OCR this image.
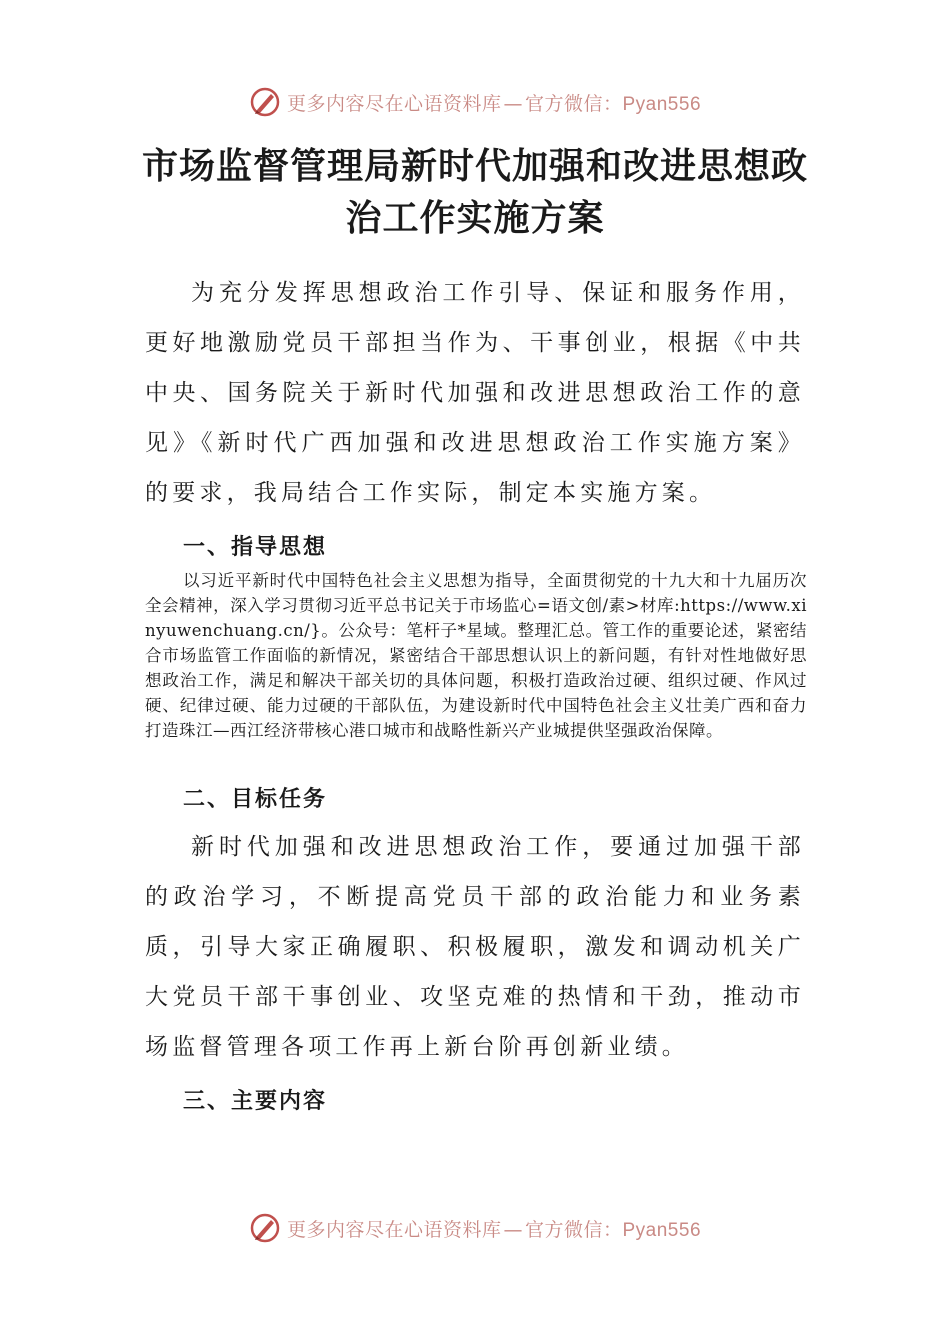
更多内容尽在心语资料库 — 官方微信：Pyan556
市场监督管理局新时代加强和改进思想政
治工作实施方案

为充分发挥思想政治工作引导、保证和服务作用，更好地激励党员干部担当作为、干事创业，根据《中共中央、国务院关于新时代加强和改进思想政治工作的意见》《新时代广西加强和改进思想政治工作实施方案》的要求，我局结合工作实际，制定本实施方案。

一、指导思想

以习近平新时代中国特色社会主义思想为指导，全面贯彻党的十九大和十九届历次全会精神，深入学习贯彻习近平总书记关于市场监心=语文创/素>材库:https://www.xinyuwenchuang.cn/}。公众号：笔杆子*星域。整理汇总。管工作的重要论述，紧密结合市场监管工作面临的新情况，紧密结合干部思想认识上的新问题，有针对性地做好思想政治工作，满足和解决干部关切的具体问题，积极打造政治过硬、组织过硬、作风过硬、纪律过硬、能力过硬的干部队伍，为建设新时代中国特色社会主义壮美广西和奋力打造珠江—西江经济带核心港口城市和战略性新兴产业城提供坚强政治保障。

二、目标任务

新时代加强和改进思想政治工作，要通过加强干部的政治学习，不断提高党员干部的政治能力和业务素质，引导大家正确履职、积极履职，激发和调动机关广大党员干部干事创业、攻坚克难的热情和干劲，推动市场监督管理各项工作再上新台阶再创新业绩。

三、主要内容
更多内容尽在心语资料库 — 官方微信：Pyan556
